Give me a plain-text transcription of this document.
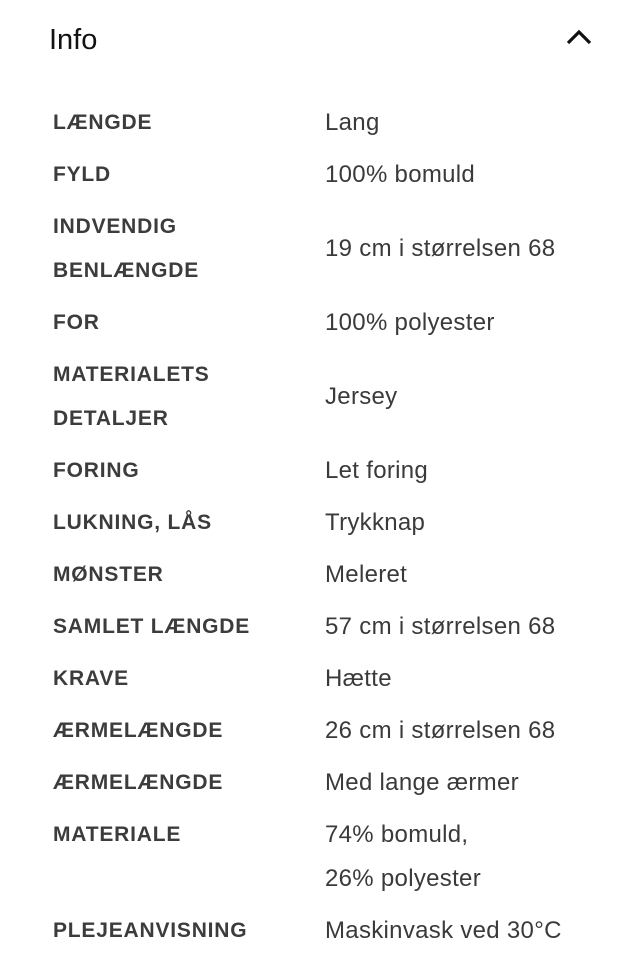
Info
LÆNGDE	Lang

FYLD	100% bomuld

INDVENDIG
BENLÆNGDE	19 cm i størrelsen 68

FOR	100% polyester

MATERIALETS
DETALJER	Jersey

FORING	Let foring

LUKNING, LÅS	Trykknap

MØNSTER	Meleret

SAMLET LÆNGDE	57 cm i størrelsen 68

KRAVE	Hætte

ÆRMELÆNGDE	26 cm i størrelsen 68

ÆRMELÆNGDE	Med lange ærmer

MATERIALE	74% bomuld,
26% polyester

PLEJEANVISNING	Maskinvask ved 30°C
